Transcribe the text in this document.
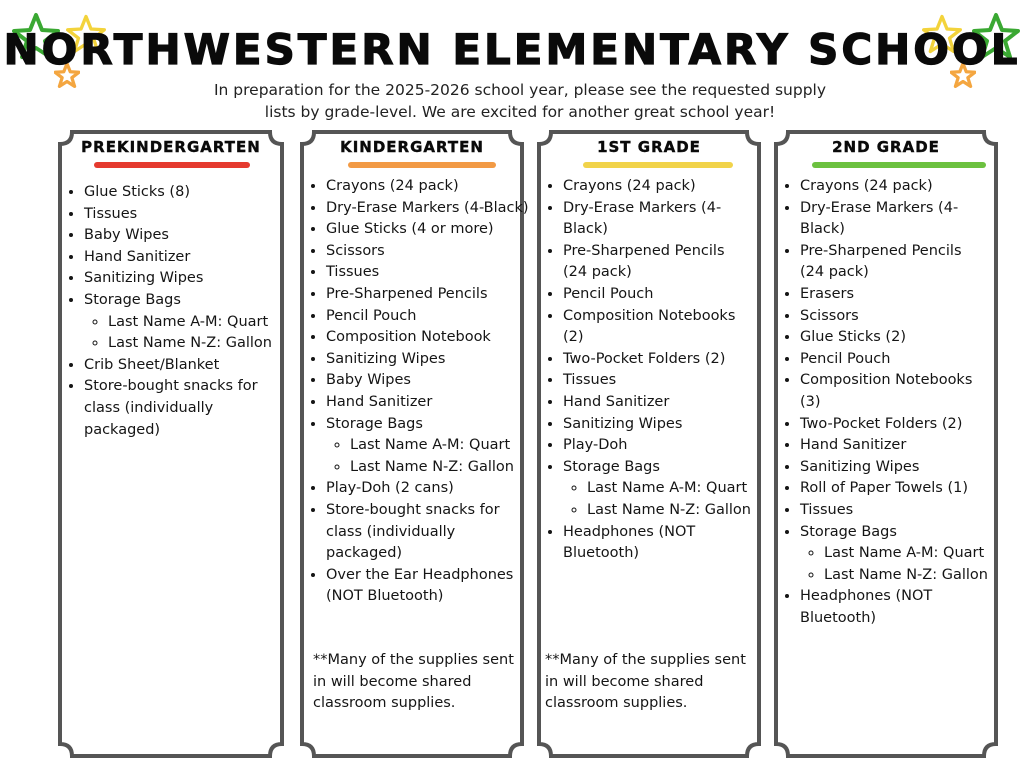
NORTHWESTERN ELEMENTARY SCHOOL

In preparation for the 2025-2026 school year, please see the requested supply
lists by grade-level. We are excited for another great school year!

PREKINDERGARTEN
• Glue Sticks (8)
• Tissues
• Baby Wipes
• Hand Sanitizer
• Sanitizing Wipes
• Storage Bags
◦ Last Name A-M: Quart
◦ Last Name N-Z: Gallon
• Crib Sheet/Blanket
• Store-bought snacks for class (individually packaged)
KINDERGARTEN
• Crayons (24 pack)
• Dry-Erase Markers (4-Black)
• Glue Sticks (4 or more)
• Scissors
• Tissues
• Pre-Sharpened Pencils
• Pencil Pouch
• Composition Notebook
• Sanitizing Wipes
• Baby Wipes
• Hand Sanitizer
• Storage Bags
◦ Last Name A-M: Quart
◦ Last Name N-Z: Gallon
• Play-Doh (2 cans)
• Store-bought snacks for class (individually packaged)
• Over the Ear Headphones (NOT Bluetooth)
**Many of the supplies sent in will become shared classroom supplies.
1ST GRADE
• Crayons (24 pack)
• Dry-Erase Markers (4-Black)
• Pre-Sharpened Pencils (24 pack)
• Pencil Pouch
• Composition Notebooks (2)
• Two-Pocket Folders (2)
• Tissues
• Hand Sanitizer
• Sanitizing Wipes
• Play-Doh
• Storage Bags
◦ Last Name A-M: Quart
◦ Last Name N-Z: Gallon
• Headphones (NOT Bluetooth)
**Many of the supplies sent in will become shared classroom supplies.
2ND GRADE
• Crayons (24 pack)
• Dry-Erase Markers (4-Black)
• Pre-Sharpened Pencils (24 pack)
• Erasers
• Scissors
• Glue Sticks (2)
• Pencil Pouch
• Composition Notebooks (3)
• Two-Pocket Folders (2)
• Hand Sanitizer
• Sanitizing Wipes
• Roll of Paper Towels (1)
• Tissues
• Storage Bags
◦ Last Name A-M: Quart
◦ Last Name N-Z: Gallon
• Headphones (NOT Bluetooth)
